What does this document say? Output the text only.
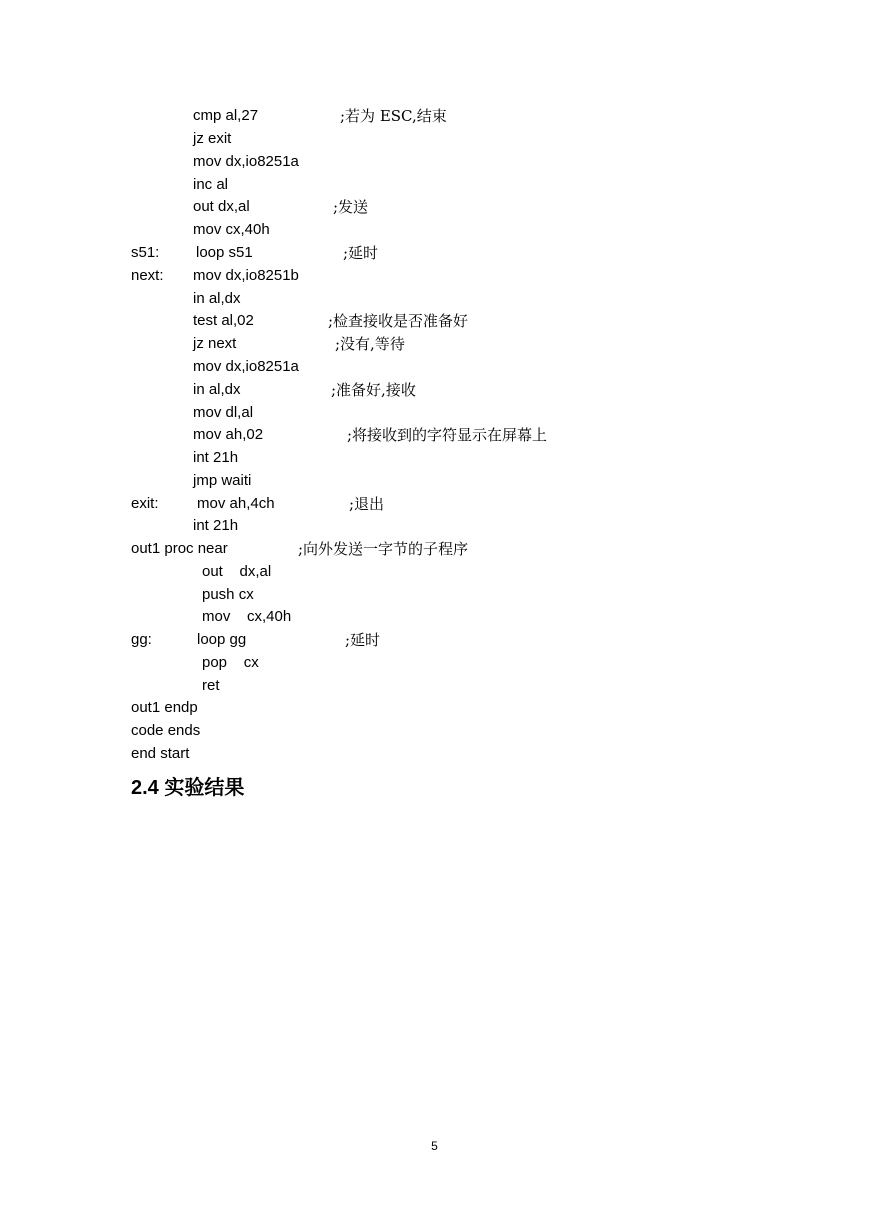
cmp al,27	;若为 ESC,结束
jz exit
mov dx,io8251a
inc al
out dx,al	;发送
mov cx,40h
s51: loop s51	;延时
next: mov dx,io8251b
in al,dx
test al,02	;检查接收是否准备好
jz next	;没有,等待
mov dx,io8251a
in al,dx	;准备好,接收
mov dl,al
mov ah,02	;将接收到的字符显示在屏幕上
int 21h
jmp waiti
exit:	mov ah,4ch	;退出
int 21h
out1 proc near	;向外发送一字节的子程序
out    dx,al
push cx
mov    cx,40h
gg:	loop gg	;延时
pop    cx
ret
out1 endp
code ends
end start
2.4 实验结果
5
